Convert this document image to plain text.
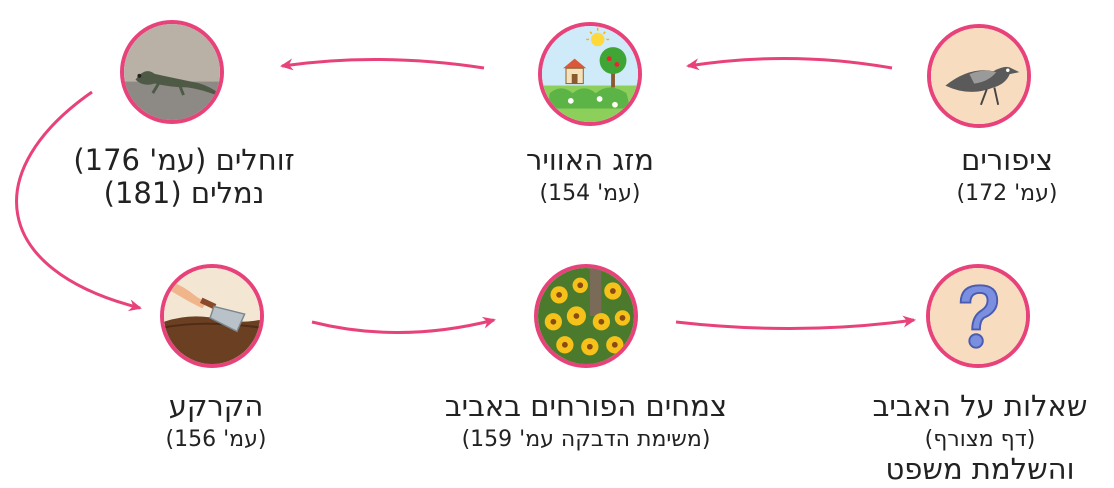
ציפורים
(עמ' 172)
מזג האוויר
(עמ' 154)
זוחלים (עמ' 176)
נמלים (181)
הקרקע
(עמ' 156)
צמחים הפורחים באביב
(משימת הדבקה עמ' 159)
שאלות על האביב
(דף מצורף)
והשלמת משפט
